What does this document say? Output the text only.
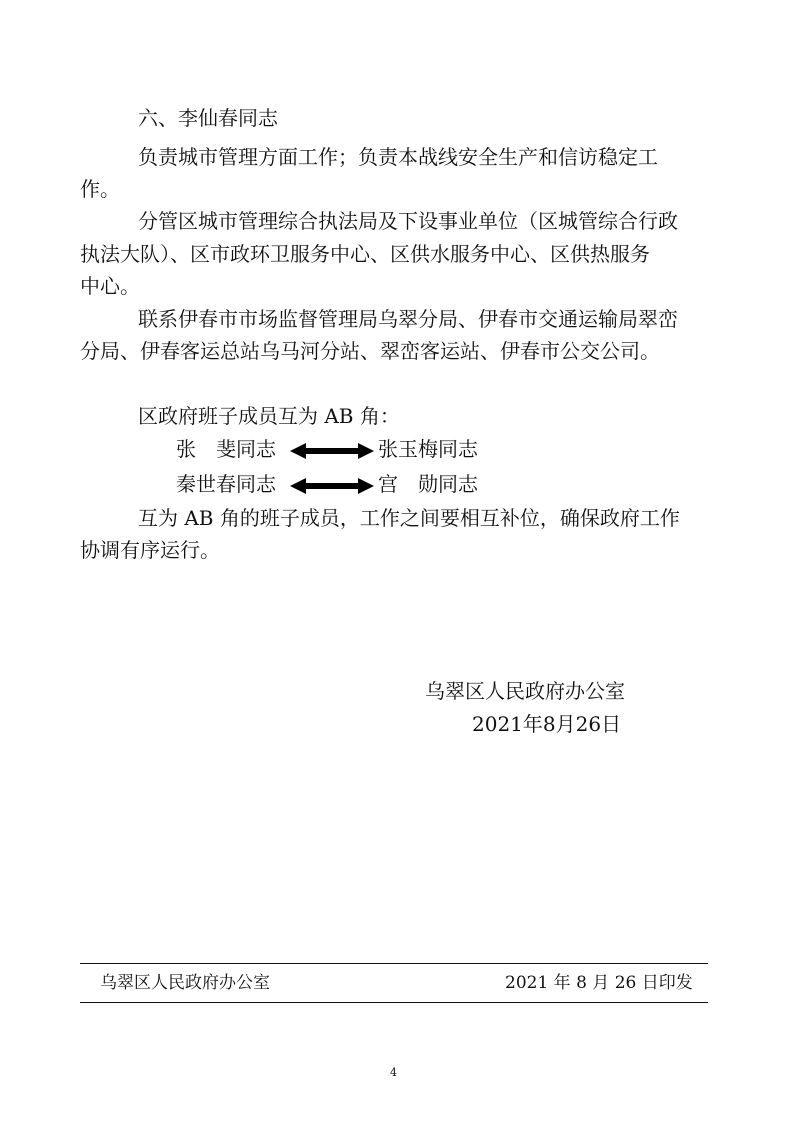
六、李仙春同志
负责城市管理方面工作；负责本战线安全生产和信访稳定工
作。
分管区城市管理综合执法局及下设事业单位（区城管综合行政
执法大队）、区市政环卫服务中心、区供水服务中心、区供热服务
中心。
联系伊春市市场监督管理局乌翠分局、伊春市交通运输局翠峦
分局、伊春客运总站乌马河分站、翠峦客运站、伊春市公交公司。
区政府班子成员互为 AB 角：
张　斐同志	张玉梅同志
秦世春同志	宫　勋同志
互为 AB 角的班子成员，工作之间要相互补位，确保政府工作
协调有序运行。
乌翠区人民政府办公室
2021年8月26日
乌翠区人民政府办公室	2021 年 8 月 26 日印发
4
